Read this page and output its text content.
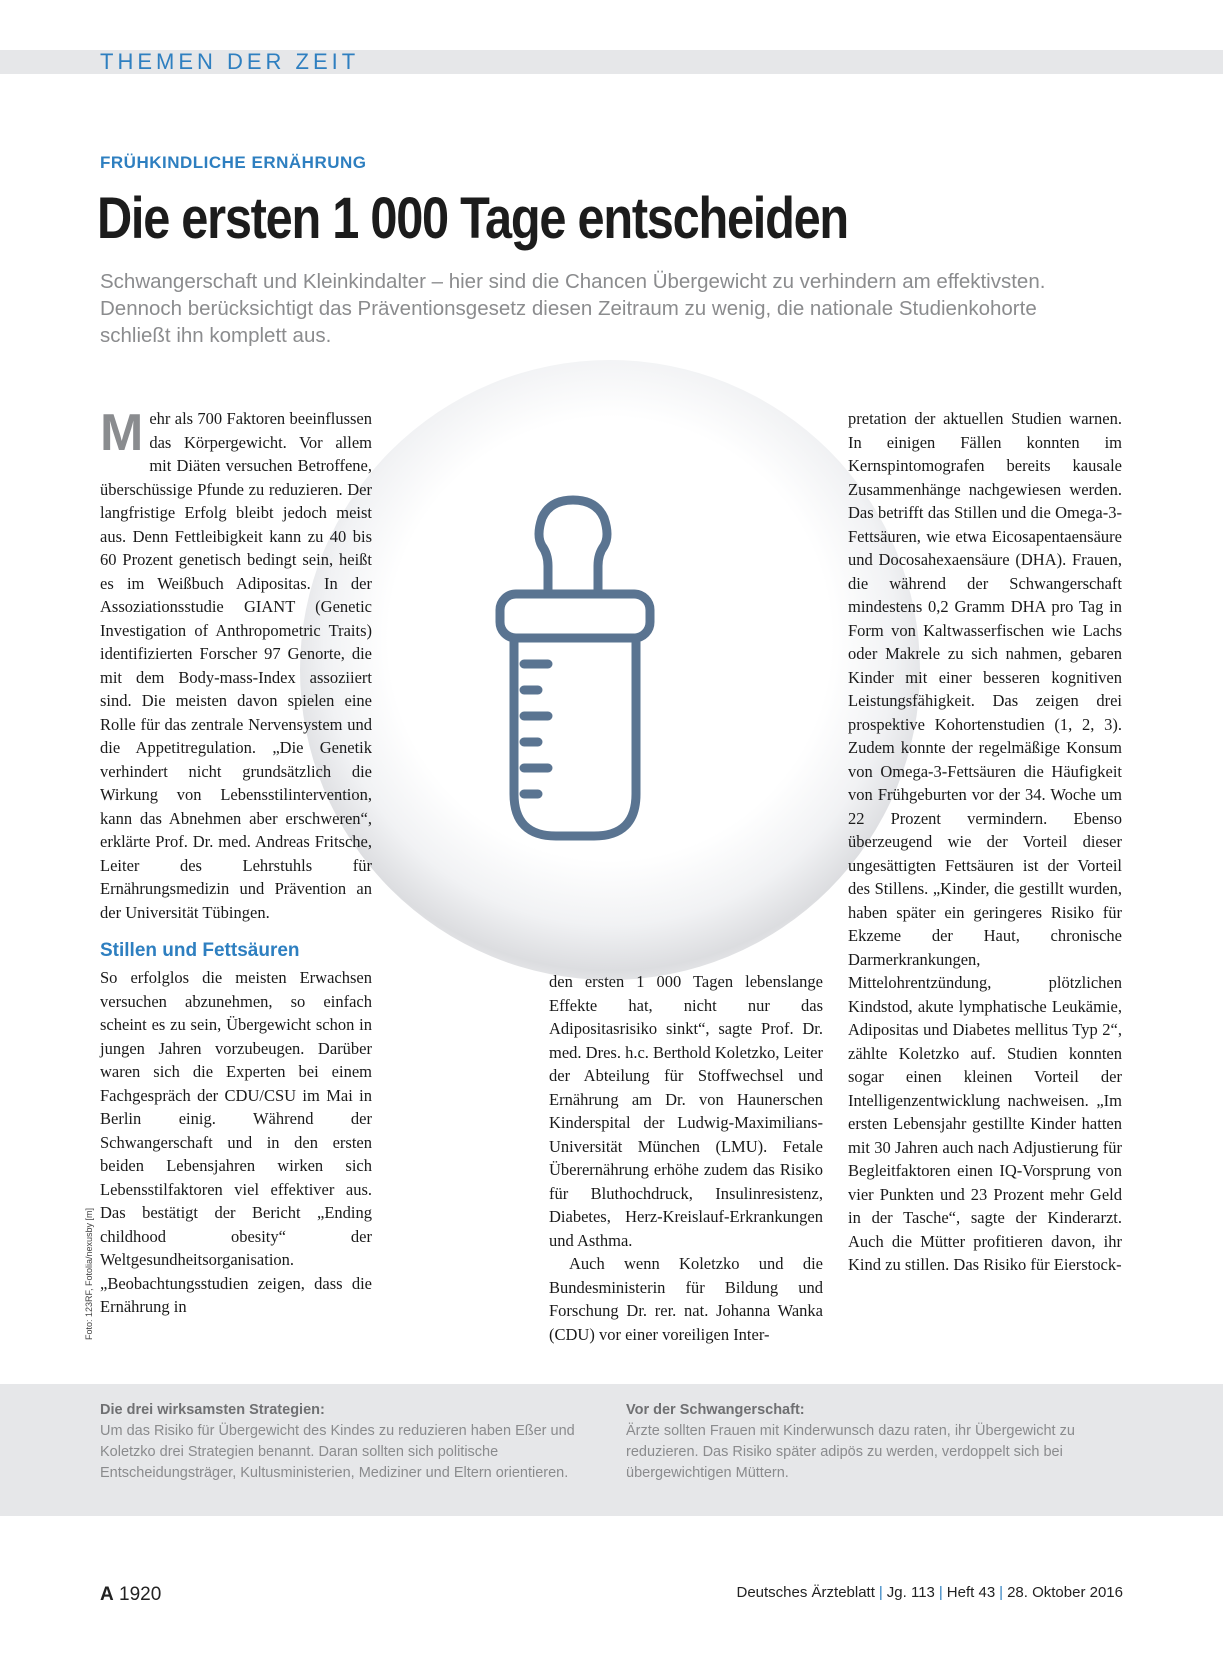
THEMEN DER ZEIT
FRÜHKINDLICHE ERNÄHRUNG
Die ersten 1 000 Tage entscheiden
Schwangerschaft und Kleinkindalter – hier sind die Chancen Übergewicht zu verhindern am effektivsten. Dennoch berücksichtigt das Präventionsgesetz diesen Zeitraum zu wenig, die nationale Studienkohorte schließt ihn komplett aus.

Mehr als 700 Faktoren beeinflussen das Körpergewicht. Vor allem mit Diäten versuchen Betroffene, überschüssige Pfunde zu reduzieren. Der langfristige Erfolg bleibt jedoch meist aus. Denn Fettleibigkeit kann zu 40 bis 60 Prozent genetisch bedingt sein, heißt es im Weißbuch Adipositas. In der Assoziationsstudie GIANT (Genetic Investigation of Anthropometric Traits) identifizierten Forscher 97 Genorte, die mit dem Body-mass-Index assoziiert sind. Die meisten davon spielen eine Rolle für das zentrale Nervensystem und die Appetitregulation. „Die Genetik verhindert nicht grundsätzlich die Wirkung von Lebensstilintervention, kann das Abnehmen aber erschweren“, erklärte Prof. Dr. med. Andreas Fritsche, Leiter des Lehrstuhls für Ernährungsmedizin und Prävention an der Universität Tübingen.

Stillen und Fettsäuren

So erfolglos die meisten Erwachsen versuchen abzunehmen, so einfach scheint es zu sein, Übergewicht schon in jungen Jahren vorzubeugen. Darüber waren sich die Experten bei einem Fachgespräch der CDU/CSU im Mai in Berlin einig. Während der Schwangerschaft und in den ersten beiden Lebensjahren wirken sich Lebensstilfaktoren viel effektiver aus. Das bestätigt der Bericht „Ending childhood obesity“ der Weltgesundheitsorganisation. „Beobachtungsstudien zeigen, dass die Ernährung in

den ersten 1 000 Tagen lebenslange Effekte hat, nicht nur das Adipositasrisiko sinkt“, sagte Prof. Dr. med. Dres. h.c. Berthold Koletzko, Leiter der Abteilung für Stoffwechsel und Ernährung am Dr. von Haunerschen Kinderspital der Ludwig-Maximilians-Universität München (LMU). Fetale Überernährung erhöhe zudem das Risiko für Bluthochdruck, Insulinresistenz, Diabetes, Herz-Kreislauf-Erkrankungen und Asthma.

Auch wenn Koletzko und die Bundesministerin für Bildung und Forschung Dr. rer. nat. Johanna Wanka (CDU) vor einer voreiligen Inter-

pretation der aktuellen Studien warnen. In einigen Fällen konnten im Kernspintomografen bereits kausale Zusammenhänge nachgewiesen werden. Das betrifft das Stillen und die Omega-3-Fettsäuren, wie etwa Eicosapentaensäure und Docosahexaensäure (DHA). Frauen, die während der Schwangerschaft mindestens 0,2 Gramm DHA pro Tag in Form von Kaltwasserfischen wie Lachs oder Makrele zu sich nahmen, gebaren Kinder mit einer besseren kognitiven Leistungsfähigkeit. Das zeigen drei prospektive Kohortenstudien (1, 2, 3). Zudem konnte der regelmäßige Konsum von Omega-3-Fettsäuren die Häufigkeit von Frühgeburten vor der 34. Woche um 22 Prozent vermindern. Ebenso überzeugend wie der Vorteil dieser ungesättigten Fettsäuren ist der Vorteil des Stillens. „Kinder, die gestillt wurden, haben später ein geringeres Risiko für Ekzeme der Haut, chronische Darmerkrankungen, Mittelohrentzündung, plötzlichen Kindstod, akute lymphatische Leukämie, Adipositas und Diabetes mellitus Typ 2“, zählte Koletzko auf. Studien konnten sogar einen kleinen Vorteil der Intelligenzentwicklung nachweisen. „Im ersten Lebensjahr gestillte Kinder hatten mit 30 Jahren auch nach Adjustierung für Begleitfaktoren einen IQ-Vorsprung von vier Punkten und 23 Prozent mehr Geld in der Tasche“, sagte der Kinderarzt. Auch die Mütter profitieren davon, ihr Kind zu stillen. Das Risiko für Eierstock-

Foto: 123RF, Fotolia/nexusby [m]
Die drei wirksamsten Strategien:
Um das Risiko für Übergewicht des Kindes zu reduzieren haben Eßer und Koletzko drei Strategien benannt. Daran sollten sich politische Entscheidungsträger, Kultusministerien, Mediziner und Eltern orientieren.
Vor der Schwangerschaft:
Ärzte sollten Frauen mit Kinderwunsch dazu raten, ihr Übergewicht zu reduzieren. Das Risiko später adipös zu werden, verdoppelt sich bei übergewichtigen Müttern.
A 1920	Deutsches Ärzteblatt | Jg. 113 | Heft 43 | 28. Oktober 2016
